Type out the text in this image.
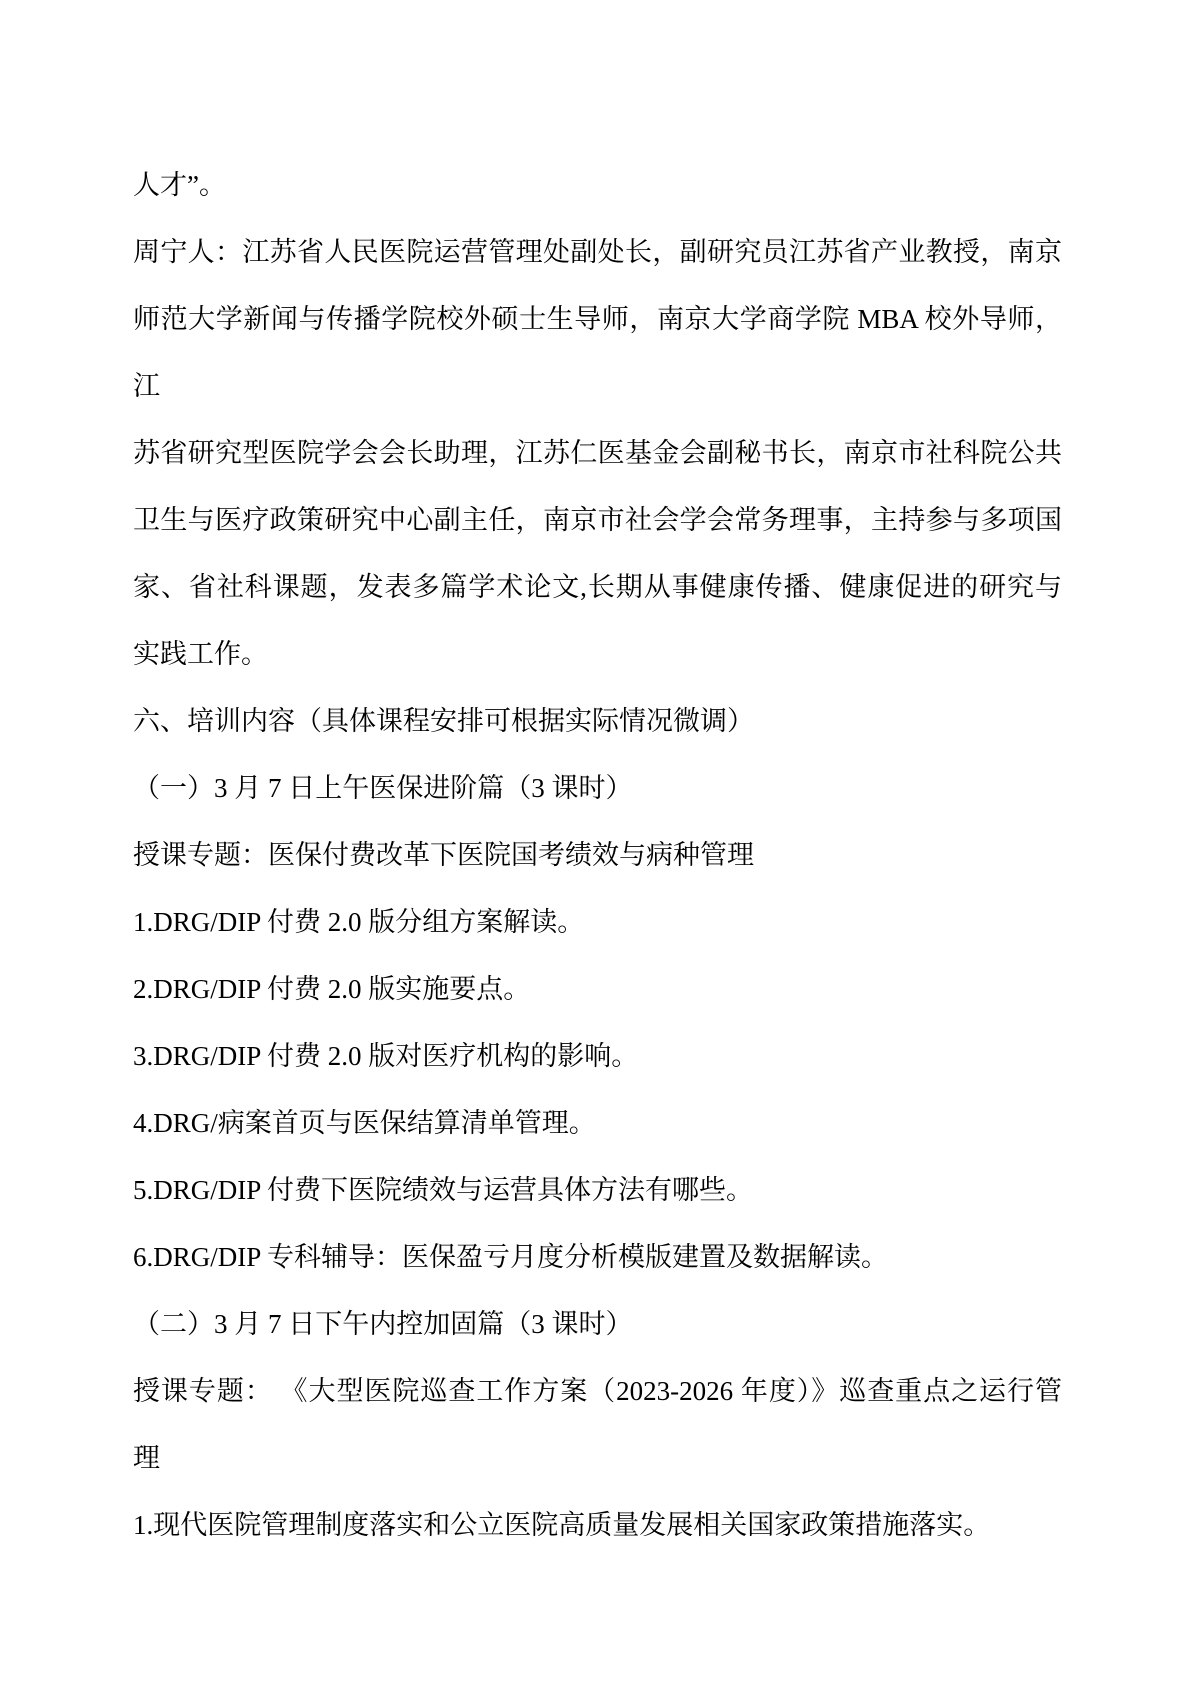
人才”。

周宁人：江苏省人民医院运营管理处副处长，副研究员江苏省产业教授，南京

师范大学新闻与传播学院校外硕士生导师，南京大学商学院 MBA 校外导师，江

苏省研究型医院学会会长助理，江苏仁医基金会副秘书长，南京市社科院公共

卫生与医疗政策研究中心副主任，南京市社会学会常务理事，主持参与多项国

家、省社科课题，发表多篇学术论文,长期从事健康传播、健康促进的研究与

实践工作。

六、培训内容（具体课程安排可根据实际情况微调）

（一）3 月 7 日上午医保进阶篇（3 课时）

授课专题：医保付费改革下医院国考绩效与病种管理

1.DRG/DIP 付费 2.0 版分组方案解读。

2.DRG/DIP 付费 2.0 版实施要点。

3.DRG/DIP 付费 2.0 版对医疗机构的影响。

4.DRG/病案首页与医保结算清单管理。

5.DRG/DIP 付费下医院绩效与运营具体方法有哪些。

6.DRG/DIP 专科辅导：医保盈亏月度分析模版建置及数据解读。

（二）3 月 7 日下午内控加固篇（3 课时）

授课专题： 《大型医院巡查工作方案（2023-2026 年度）》巡查重点之运行管

理

1.现代医院管理制度落实和公立医院高质量发展相关国家政策措施落实。
